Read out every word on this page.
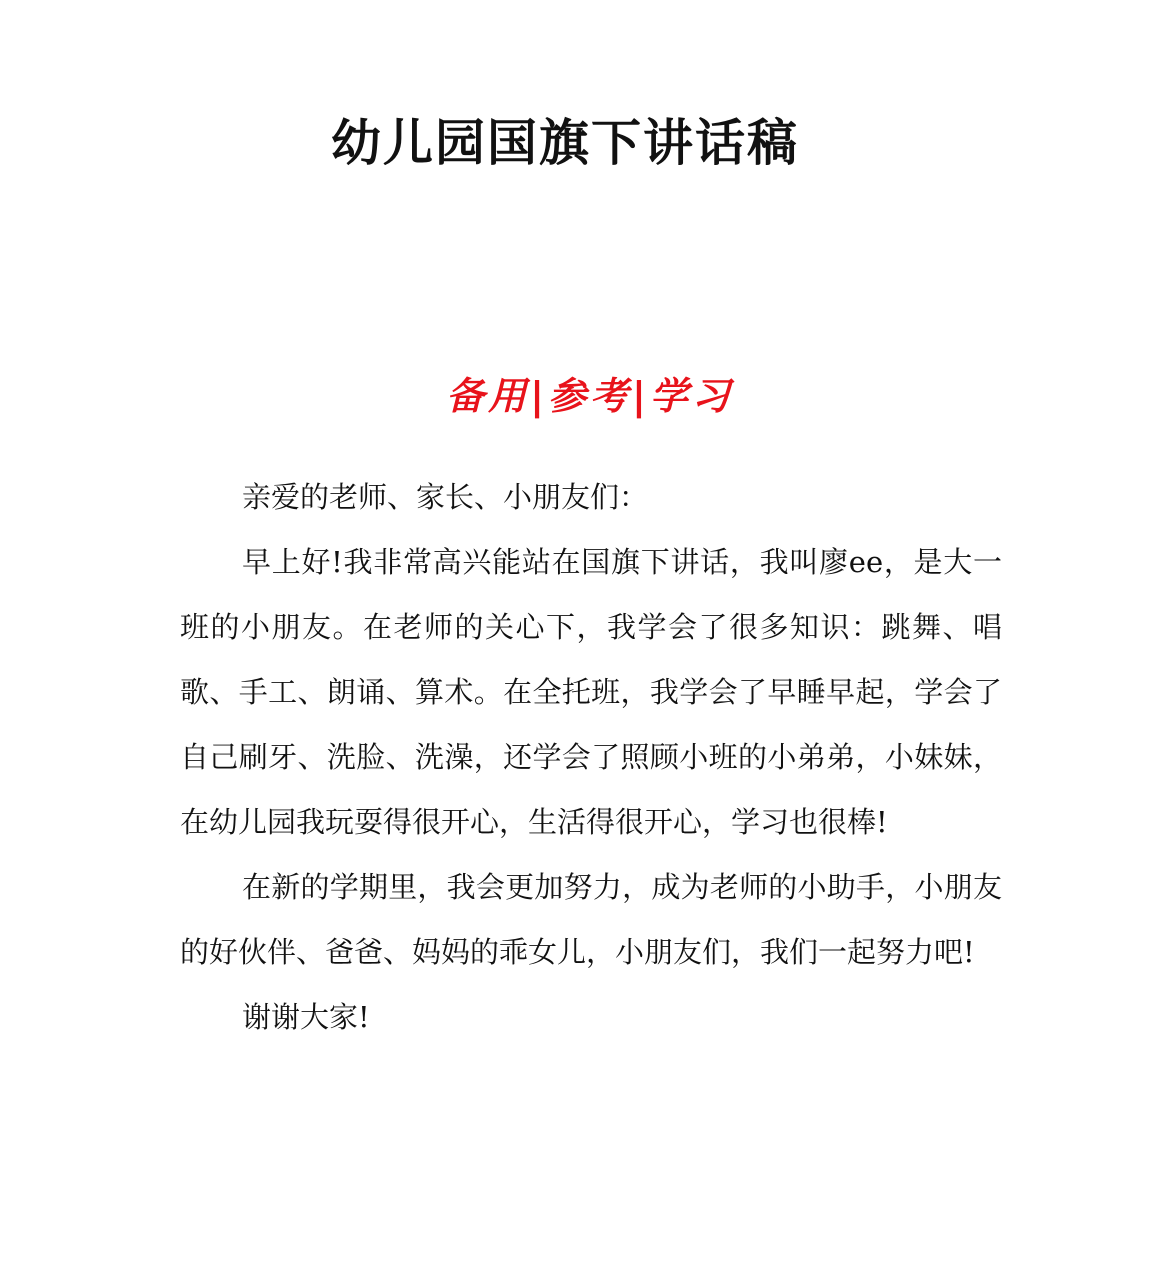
幼儿园国旗下讲话稿
备用|参考|学习

亲爱的老师、家长、小朋友们：

早上好!我非常高兴能站在国旗下讲话，我叫廖ee，是大一班的小朋友。在老师的关心下，我学会了很多知识：跳舞、唱歌、手工、朗诵、算术。在全托班，我学会了早睡早起，学会了自己刷牙、洗脸、洗澡，还学会了照顾小班的小弟弟，小妹妹，在幼儿园我玩耍得很开心，生活得很开心，学习也很棒!

在新的学期里，我会更加努力，成为老师的小助手，小朋友的好伙伴、爸爸、妈妈的乖女儿，小朋友们，我们一起努力吧!

谢谢大家!
